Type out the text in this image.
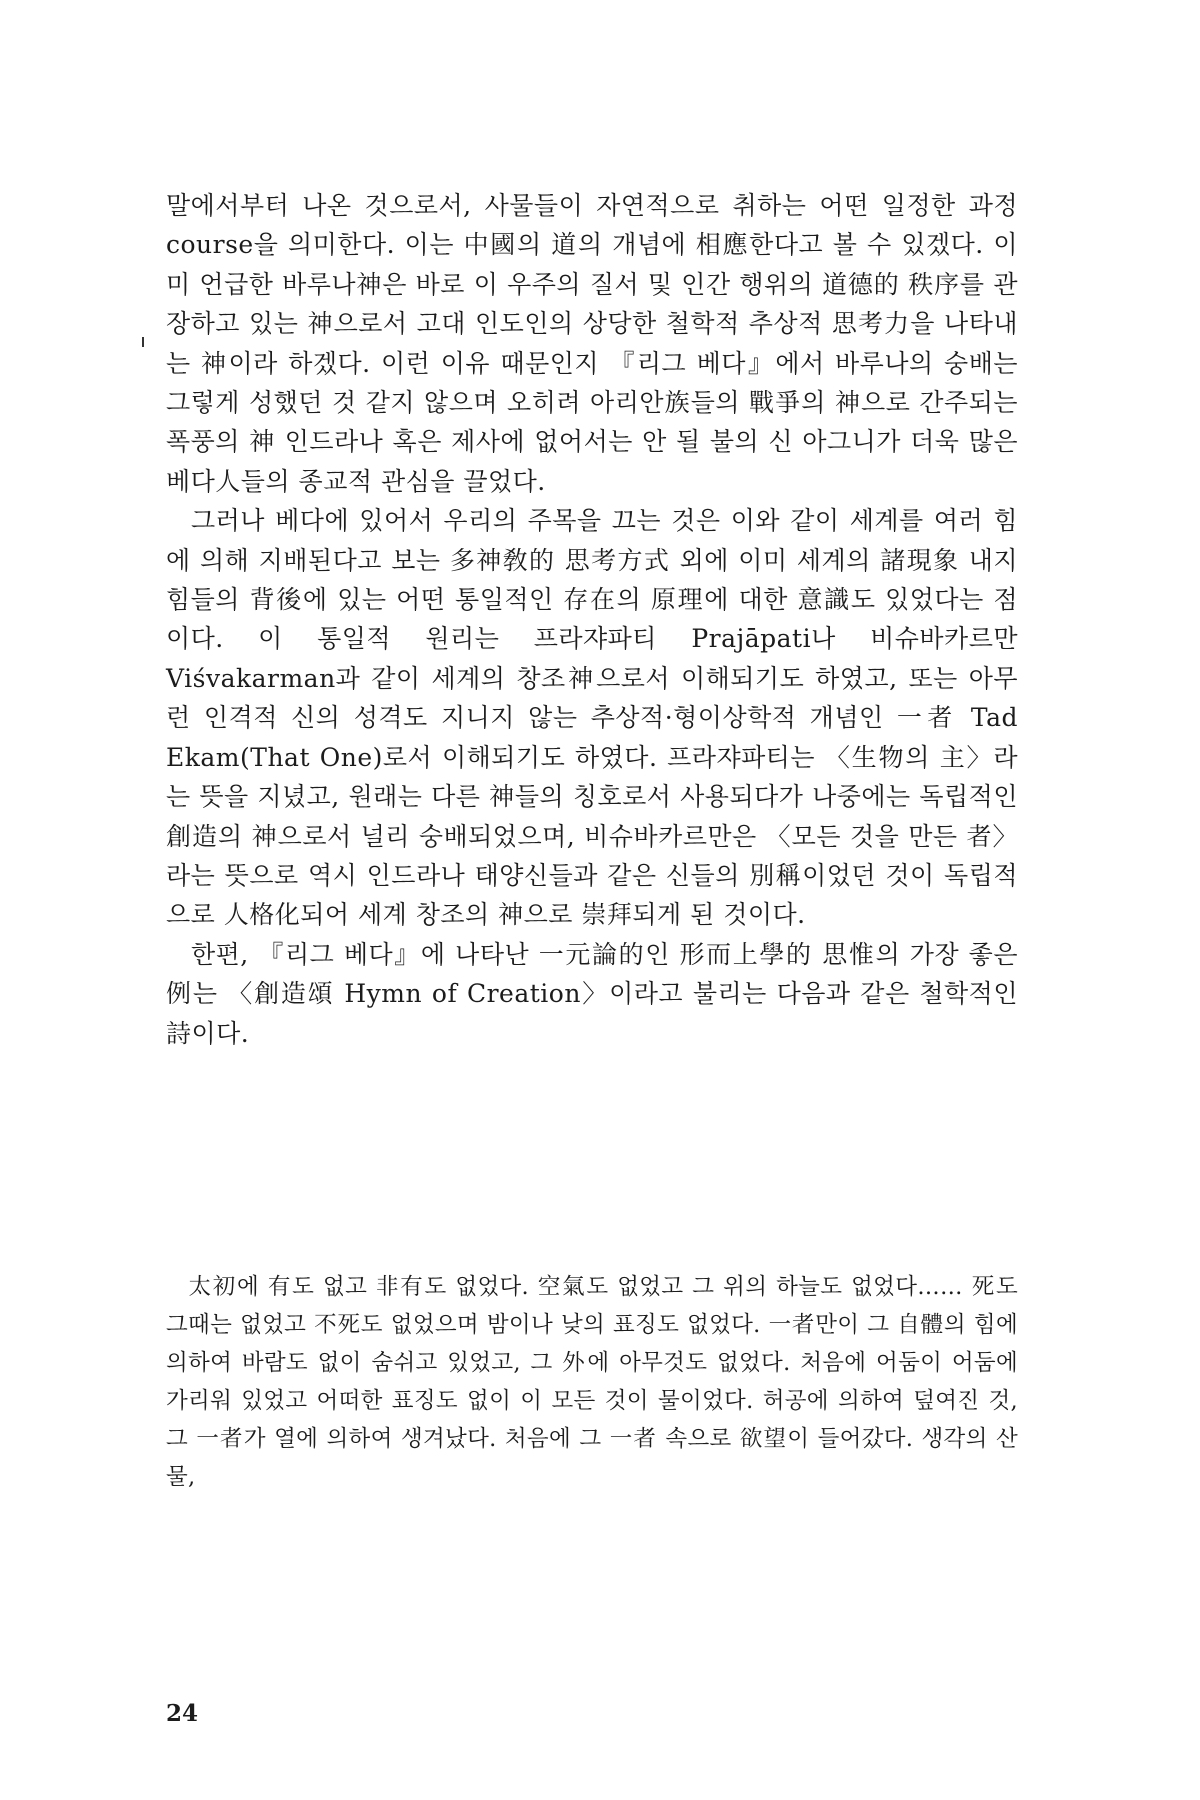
말에서부터 나온 것으로서, 사물들이 자연적으로 취하는 어떤 일정한 과정 course을 의미한다. 이는 中國의 道의 개념에 相應한다고 볼 수 있겠다. 이미 언급한 바루나神은 바로 이 우주의 질서 및 인간 행위의 道德的 秩序를 관장하고 있는 神으로서 고대 인도인의 상당한 철학적 추상적 思考力을 나타내는 神이라 하겠다. 이런 이유 때문인지 『리그 베다』에서 바루나의 숭배는 그렇게 성했던 것 같지 않으며 오히려 아리안族들의 戰爭의 神으로 간주되는 폭풍의 神 인드라나 혹은 제사에 없어서는 안 될 불의 신 아그니가 더욱 많은 베다人들의 종교적 관심을 끌었다.

그러나 베다에 있어서 우리의 주목을 끄는 것은 이와 같이 세계를 여러 힘에 의해 지배된다고 보는 多神敎的 思考方式 외에 이미 세계의 諸現象 내지 힘들의 背後에 있는 어떤 통일적인 存在의 原理에 대한 意識도 있었다는 점이다. 이 통일적 원리는 프라쟈파티 Prajāpati나 비슈바카르만 Viśvakarman과 같이 세계의 창조神으로서 이해되기도 하였고, 또는 아무런 인격적 신의 성격도 지니지 않는 추상적·형이상학적 개념인 一者 Tad Ekam(That One)로서 이해되기도 하였다. 프라쟈파티는 〈生物의 主〉라는 뜻을 지녔고, 원래는 다른 神들의 칭호로서 사용되다가 나중에는 독립적인 創造의 神으로서 널리 숭배되었으며, 비슈바카르만은 〈모든 것을 만든 者〉라는 뜻으로 역시 인드라나 태양신들과 같은 신들의 別稱이었던 것이 독립적으로 人格化되어 세계 창조의 神으로 崇拜되게 된 것이다.

한편, 『리그 베다』에 나타난 一元論的인 形而上學的 思惟의 가장 좋은 例는 〈創造頌 Hymn of Creation〉이라고 불리는 다음과 같은 철학적인 詩이다.

太初에 有도 없고 非有도 없었다. 空氣도 없었고 그 위의 하늘도 없었다…… 死도 그때는 없었고 不死도 없었으며 밤이나 낮의 표징도 없었다. 一者만이 그 自體의 힘에 의하여 바람도 없이 숨쉬고 있었고, 그 外에 아무것도 없었다. 처음에 어둠이 어둠에 가리워 있었고 어떠한 표징도 없이 이 모든 것이 물이었다. 허공에 의하여 덮여진 것, 그 一者가 열에 의하여 생겨났다. 처음에 그 一者 속으로 欲望이 들어갔다. 생각의 산물,

24
